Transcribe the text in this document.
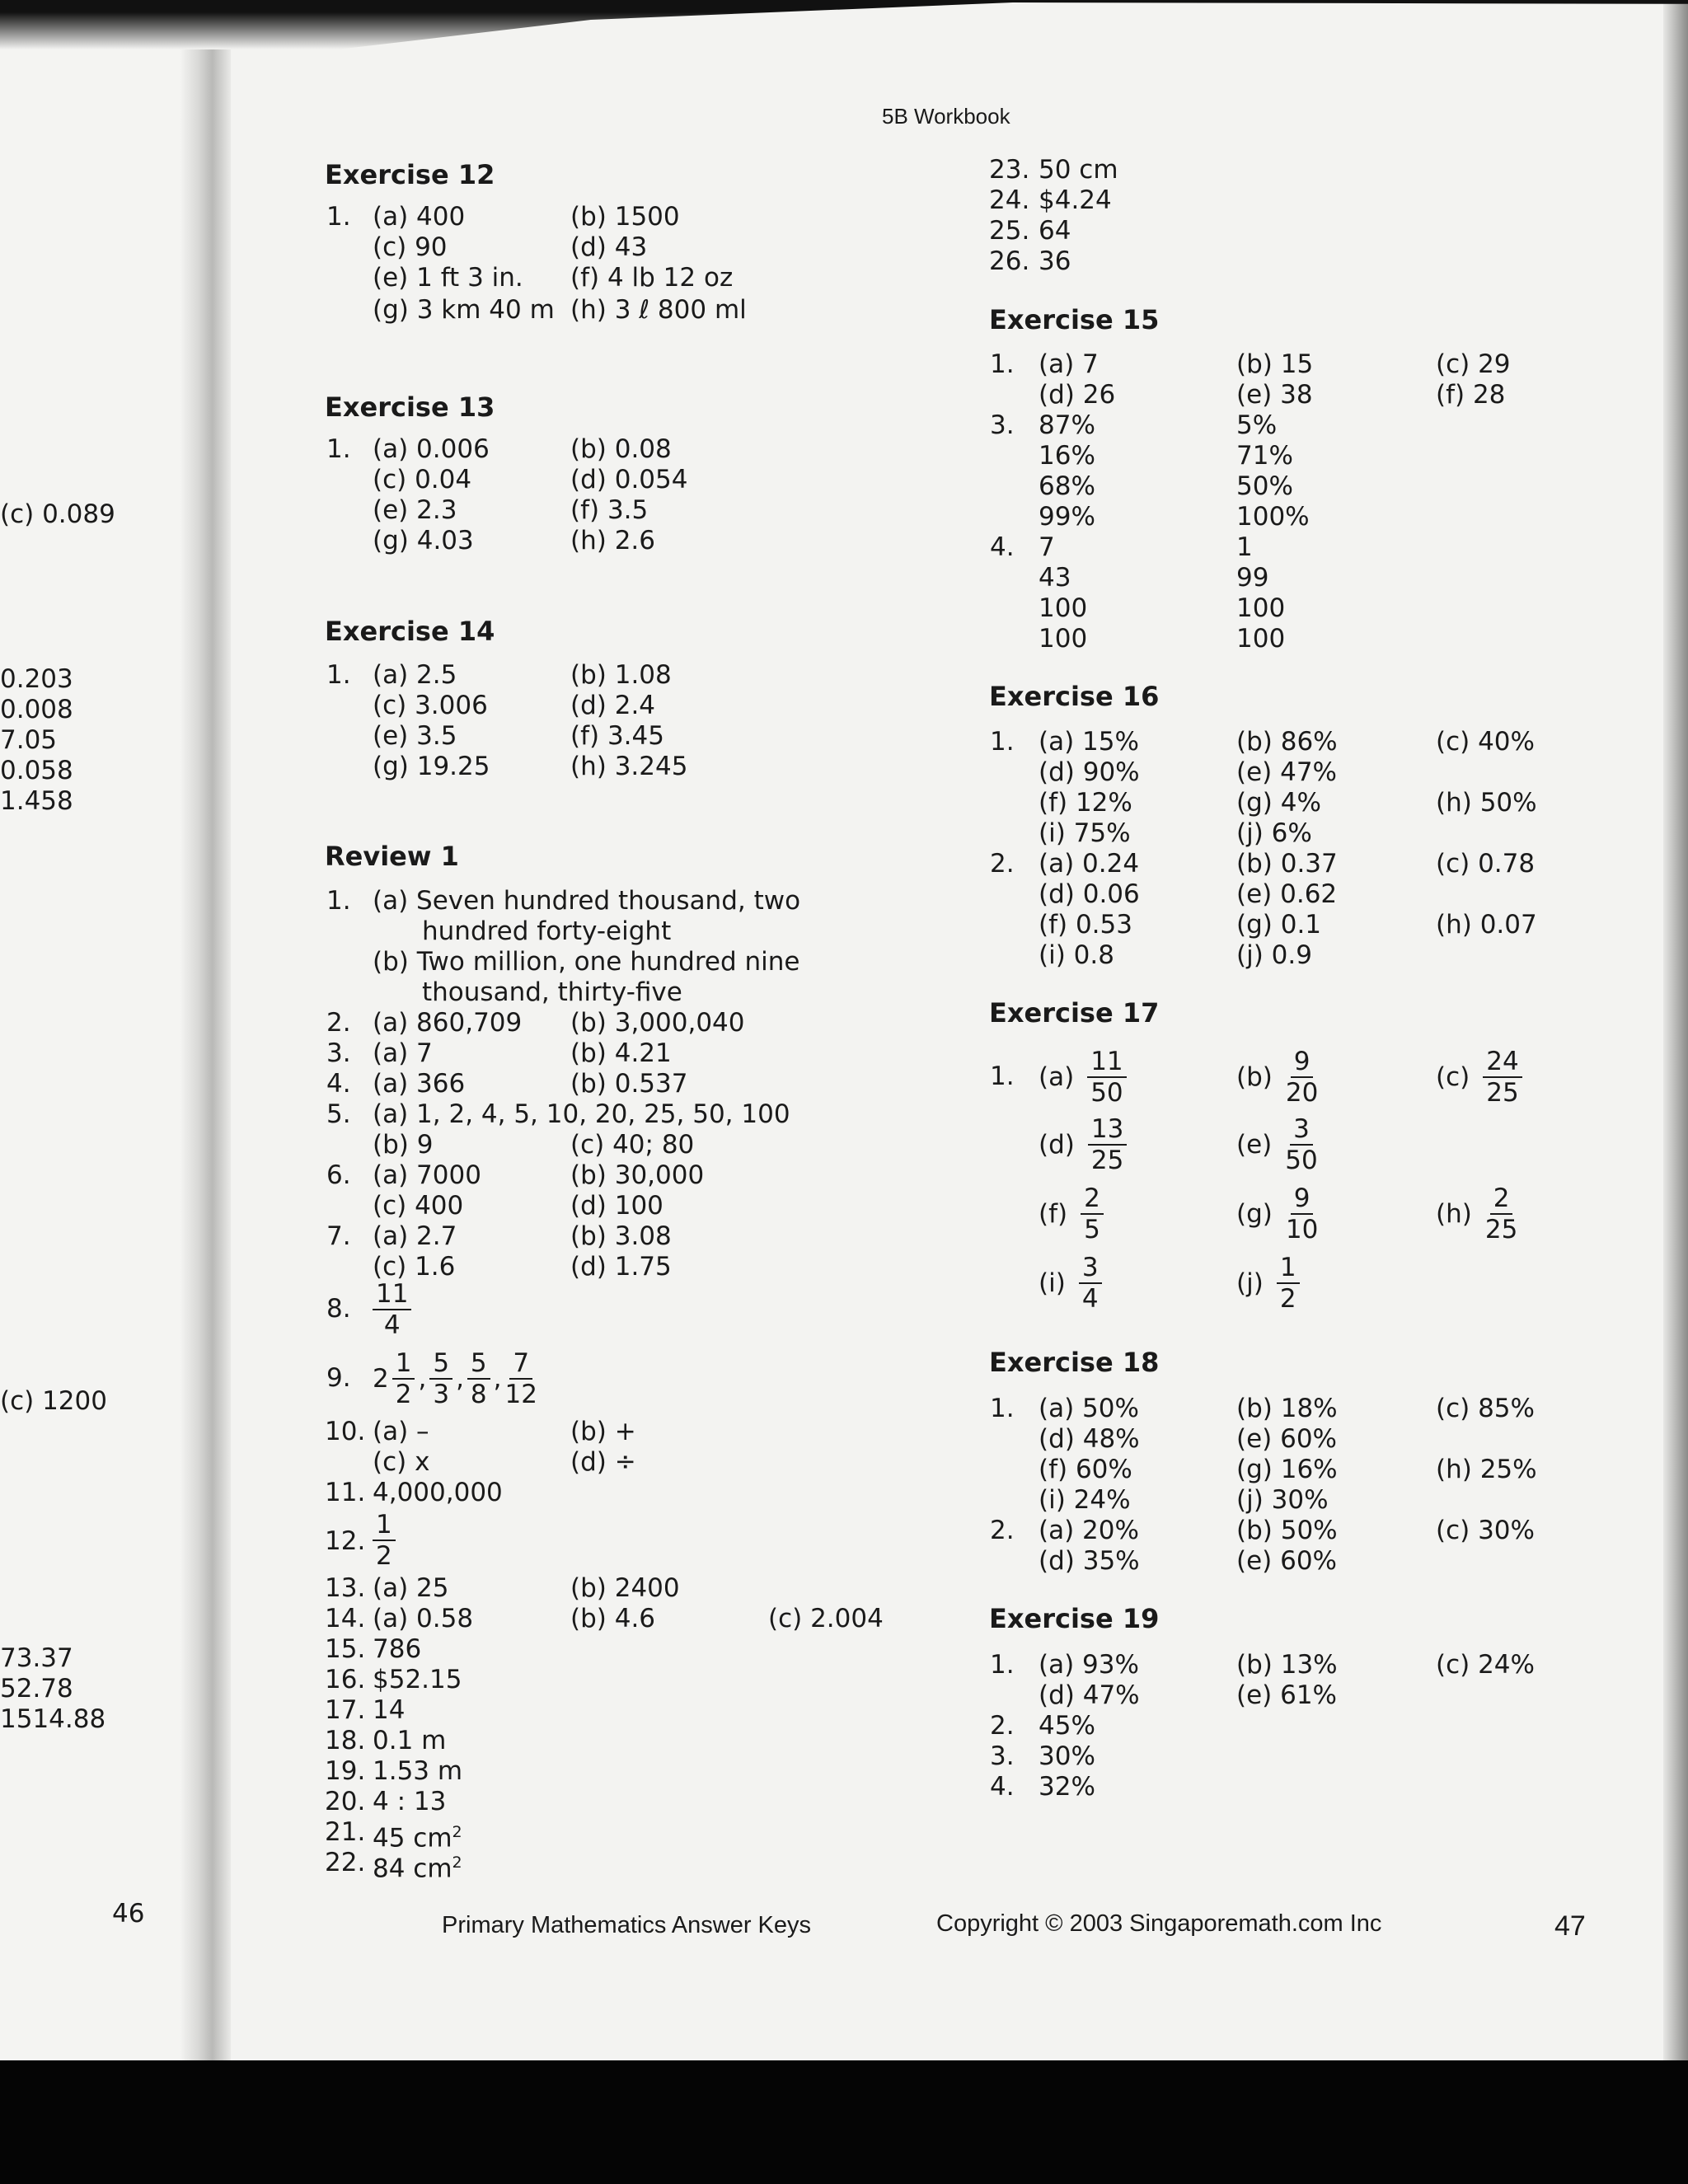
(c) 0.089
0.203
0.008
7.05
0.058
1.458
(c) 1200
73.37
52.78
1514.88
46
5B Workbook
Exercise 12
1. (a) 400	(b) 1500
(c) 90	(d) 43
(e) 1 ft 3 in. (f) 4 lb 12 oz
(g) 3 km 40 m (h) 3 ℓ 800 ml
Exercise 13
1. (a) 0.006	(b) 0.08
(c) 0.04	(d) 0.054
(e) 2.3	(f) 3.5
(g) 4.03	(h) 2.6
Exercise 14
1. (a) 2.5	(b) 1.08
(c) 3.006	(d) 2.4
(e) 3.5	(f) 3.45
(g) 19.25	(h) 3.245
Review 1
1. (a) Seven hundred thousand, two
hundred forty-eight
(b) Two million, one hundred nine
thousand, thirty-five
2. (a) 860,709 (b) 3,000,040
3. (a) 7	(b) 4.21
4. (a) 366	(b) 0.537
5. (a) 1, 2, 4, 5, 10, 20, 25, 50, 100
(b) 9	(c) 40; 80
6. (a) 7000	(b) 30,000
(c) 400	(d) 100
7. (a) 2.7	(b) 3.08
(c) 1.6	(d) 1.75
8. $\frac{11}{4}$
9. $2 \frac{1}{2}$ , $\frac{5}{3}$ , $\frac{5}{8}$ , $\frac{7}{12}$
10. (a) –	(b) +
(c) x	(d) ÷
11. 4,000,000
12. $\frac{1}{2}$
13. (a) 25	(b) 2400
14. (a) 0.58	(b) 4.6	(c) 2.004
15. 786
16. $52.15
17. 14
18. 0.1 m
19. 1.53 m
20. 4 : 13
21. 45 $cm^2$
22. 84 $cm^2$
23. 50 cm
24. $4.24
25. 64
26. 36
Exercise 15
1. (a) 7	(b) 15	(c) 29
(d) 26	(e) 38	(f) 28
3. 87%	5%
16%	71%
68%	50%
99%	100%
4. 7	1
43	99
100	100
100	100
Exercise 16
1. (a) 15%	(b) 86%	(c) 40%
(d) 90%	(e) 47%
(f) 12%	(g) 4%	(h) 50%
(i) 75%	(j) 6%
2. (a) 0.24	(b) 0.37	(c) 0.78
(d) 0.06	(e) 0.62
(f) 0.53	(g) 0.1	(h) 0.07
(i) 0.8	(j) 0.9
Exercise 17
1. $(a) \frac{11}{50}$	$(b) \frac{9}{20}$	$(c) \frac{24}{25}$
$(d) \frac{13}{25}$	$(e) \frac{3}{50}$
$(f) \frac{2}{5}$	$(g) \frac{9}{10}$	$(h) \frac{2}{25}$
$(i) \frac{3}{4}$	$(j) \frac{1}{2}$
Exercise 18
1. (a) 50%	(b) 18%	(c) 85%
(d) 48%	(e) 60%
(f) 60%	(g) 16%	(h) 25%
(i) 24%	(j) 30%
2. (a) 20%	(b) 50%	(c) 30%
(d) 35%	(e) 60%
Exercise 19
1. (a) 93%	(b) 13%	(c) 24%
(d) 47%	(e) 61%
2. 45%
3. 30%
4. 32%
Primary Mathematics Answer Keys	Copyright © 2003 Singaporemath.com Inc	47
